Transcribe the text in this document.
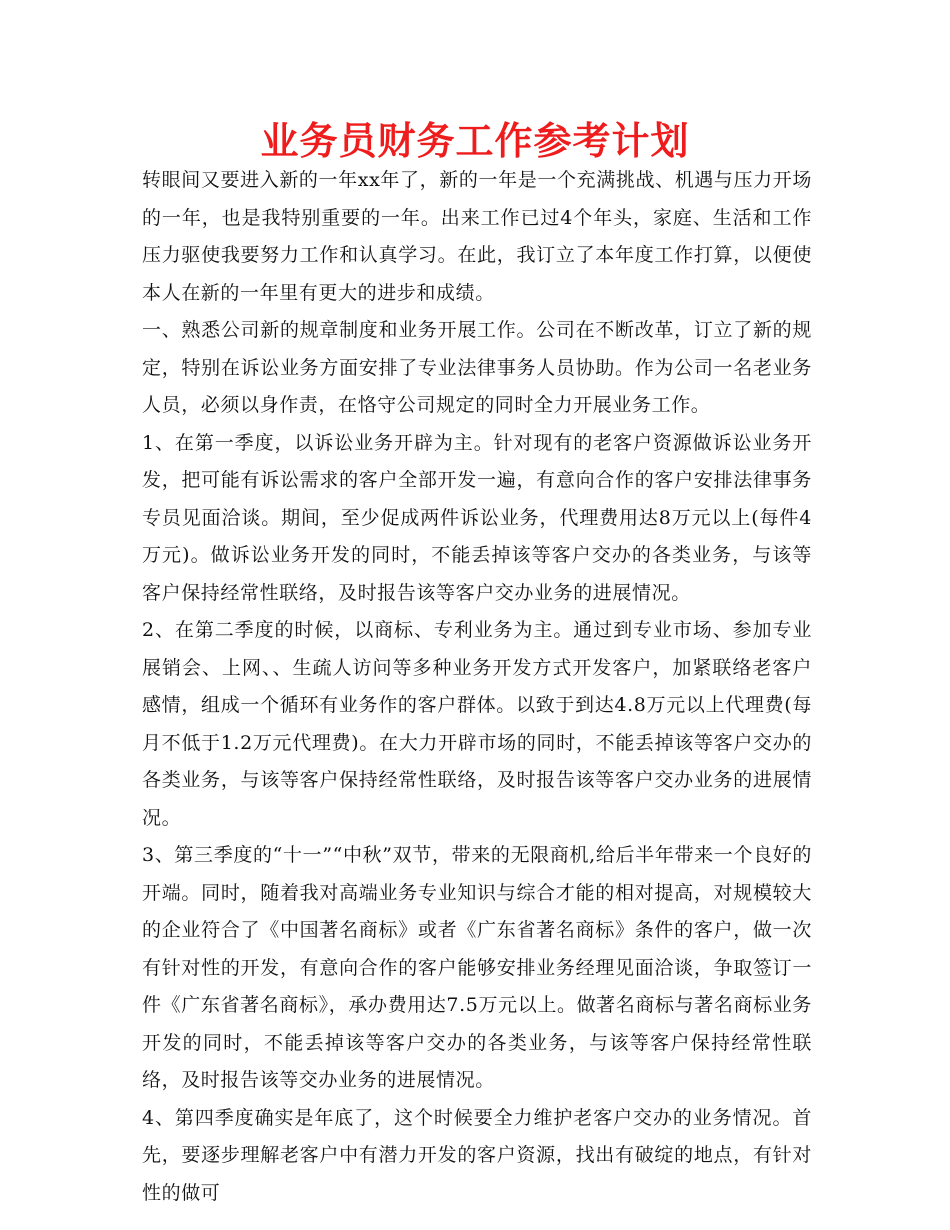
业务员财务工作参考计划

转眼间又要进入新的一年xx年了，新的一年是一个充满挑战、机遇与压力开场的一年，也是我特别重要的一年。出来工作已过4个年头，家庭、生活和工作压力驱使我要努力工作和认真学习。在此，我订立了本年度工作打算，以便使本人在新的一年里有更大的进步和成绩。

一、熟悉公司新的规章制度和业务开展工作。公司在不断改革，订立了新的规定，特别在诉讼业务方面安排了专业法律事务人员协助。作为公司一名老业务人员，必须以身作责，在恪守公司规定的同时全力开展业务工作。

1、在第一季度，以诉讼业务开辟为主。针对现有的老客户资源做诉讼业务开发，把可能有诉讼需求的客户全部开发一遍，有意向合作的客户安排法律事务专员见面洽谈。期间，至少促成两件诉讼业务，代理费用达8万元以上(每件4万元)。做诉讼业务开发的同时，不能丢掉该等客户交办的各类业务，与该等客户保持经常性联络，及时报告该等客户交办业务的进展情况。

2、在第二季度的时候，以商标、专利业务为主。通过到专业市场、参加专业展销会、上网、、生疏人访问等多种业务开发方式开发客户，加紧联络老客户感情，组成一个循环有业务作的客户群体。以致于到达4.8万元以上代理费(每月不低于1.2万元代理费)。在大力开辟市场的同时，不能丢掉该等客户交办的各类业务，与该等客户保持经常性联络，及时报告该等客户交办业务的进展情况。

3、第三季度的“十一”“中秋”双节，带来的无限商机,给后半年带来一个良好的开端。同时，随着我对高端业务专业知识与综合才能的相对提高，对规模较大的企业符合了《中国著名商标》或者《广东省著名商标》条件的客户，做一次有针对性的开发，有意向合作的客户能够安排业务经理见面洽谈，争取签订一件《广东省著名商标》，承办费用达7.5万元以上。做著名商标与著名商标业务开发的同时，不能丢掉该等客户交办的各类业务，与该等客户保持经常性联络，及时报告该等交办业务的进展情况。

4、第四季度确实是年底了，这个时候要全力维护老客户交办的业务情况。首先，要逐步理解老客户中有潜力开发的客户资源，找出有破绽的地点，有针对性的做可
